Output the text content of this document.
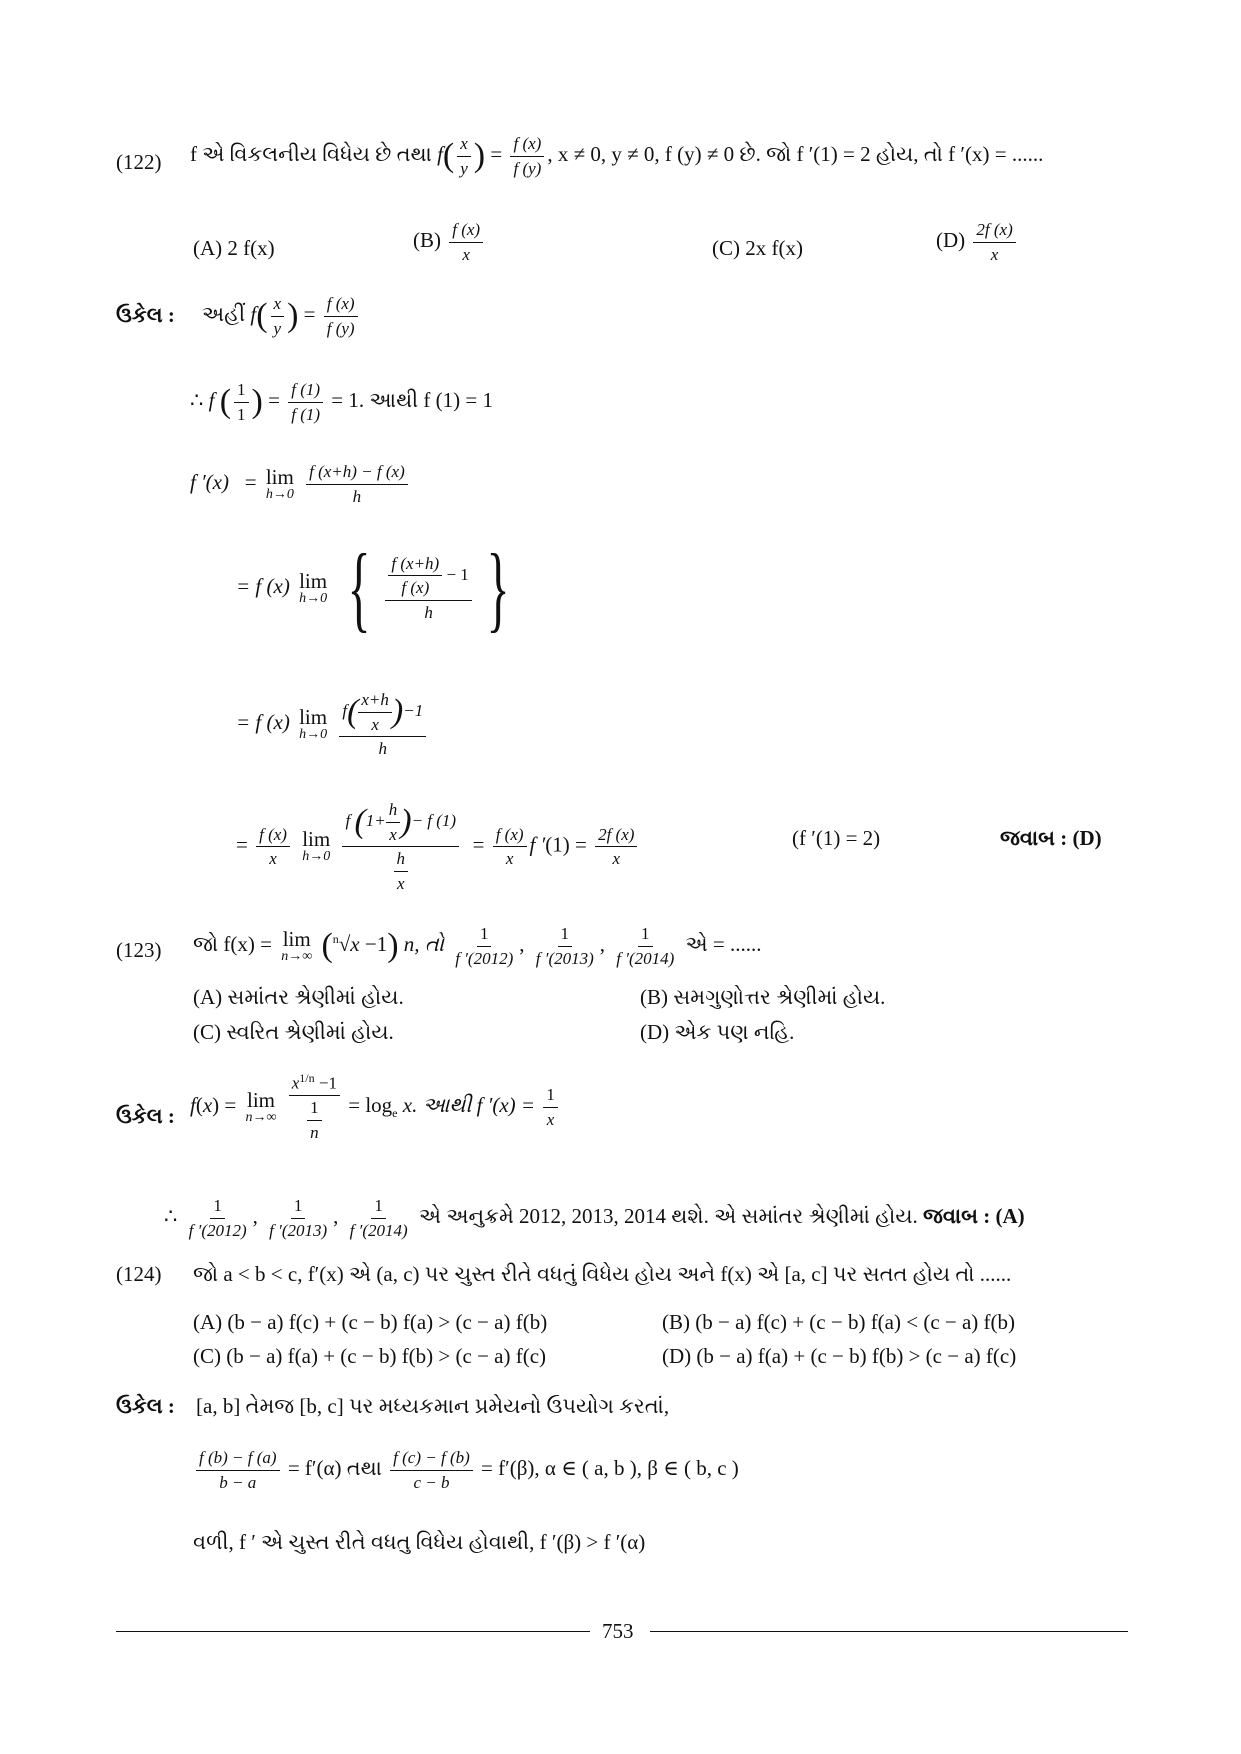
(122) f એ વિકલનીય વિધેય છે તથા $f( \frac{x}{y}$ ) = $\frac{f (x)}{f (y)}$ , x ≠ 0, y ≠ 0, f (y) ≠ 0 છે. જો f ′(1) = 2 હોય, તો f ′(x) = ......
(A) 2 f(x)	$(B) \frac{f (x)}{x}$	(C) 2x f(x)	$(D) \frac{2f (x)}{x}$
ઉકેલ : અહીં $f( \frac{x}{y}$ ) = $\frac{f (x)}{f (y)}$
∴ f ( $\frac{1}{1}$ ) = $\frac{f (1)}{f (1)} = 1$. આથી f (1) = 1
f ′(x)   = lim
h→0
$\frac{f (x+h) - f (x)}{h}$
= f (x) lim
h→0 { $\frac{\frac{f (x+h)}{f (x)} - 1}{h}$ }
= f (x) lim
h→0
$\frac{f( \frac{x+h}{x} )-1}{h}$
= $\frac{f (x)}{x}$
lim
h→0
$\frac{f (1+ \frac{h}{x} )- f (1)}{\frac{h}{x}} = \frac{f (x)}{x}$ f $'(1) = \frac{2f (x)}{x}$	(f ′(1) = 2)	જવાબ : (D)
(123) જો f(x) = lim
n→∞ ($^n$√x −1) n, તો $\frac{1}{f '(2012)}$ , $\frac{1}{f '(2013)}$ , $\frac{1}{f '(2014)}$ એ = ......
(A) સમાંતર શ્રેણીમાં હોય.	(B) સમગુણોત્તર શ્રેણીમાં હોય.
(C) સ્વરિત શ્રેણીમાં હોય.	(D) એક પણ નહિ.
ઉકેલ : f(x) = lim
n→∞
$\frac{x^{1/n} -1}{\frac{1}{n}} = \log_e x$. આથી f $'(x) = \frac{1}{x}$
∴ $\frac{1}{f '(2012)}$ , $\frac{1}{f '(2013)}$ , $\frac{1}{f '(2014)}$ એ અનુક્રમે 2012, 2013, 2014 થશે. એ સમાંતર શ્રેણીમાં હોય. જવાબ : (A)
(124) જો a < b < c, f′(x) એ (a, c) પર ચુસ્ત રીતે વધતું વિધેય હોય અને f(x) એ [a, c] પર સતત હોય તો ......
(A) (b − a) f(c) + (c − b) f(a) > (c − a) f(b)	(B) (b − a) f(c) + (c − b) f(a) < (c − a) f(b)
(C) (b − a) f(a) + (c − b) f(b) > (c − a) f(c)	(D) (b − a) f(a) + (c − b) f(b) > (c − a) f(c)
ઉકેલ : [a, b] તેમજ [b, c] પર મધ્યકમાન પ્રમેયનો ઉપયોગ કરતાં,
$\frac{f (b) - f (a)}{b - a} = f'(\alpha)$ તથા $\frac{f (c) - f (b)}{c - b} = f'(\beta)$, α ∈ ( a, b ), β ∈ ( b, c )
વળી, f ′ એ ચુસ્ત રીતે વધતુ વિધેય હોવાથી, f ′(β) > f ′(α)
753
